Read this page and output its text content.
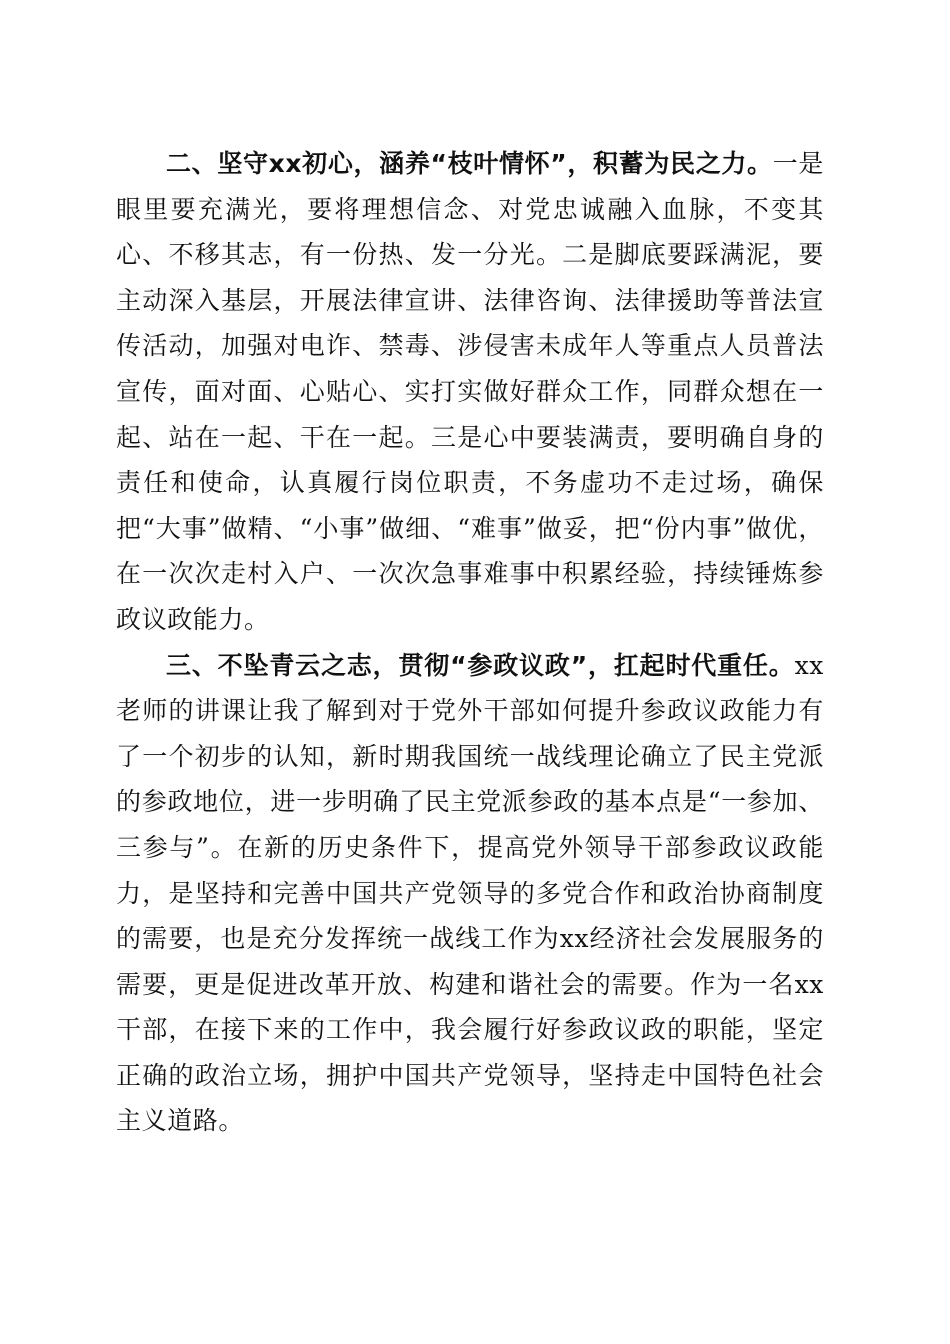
二、坚守xx初心，涵养“枝叶情怀”，积蓄为民之力。一是眼里要充满光，要将理想信念、对党忠诚融入血脉，不变其心、不移其志，有一份热、发一分光。二是脚底要踩满泥，要主动深入基层，开展法律宣讲、法律咨询、法律援助等普法宣传活动，加强对电诈、禁毒、涉侵害未成年人等重点人员普法宣传，面对面、心贴心、实打实做好群众工作，同群众想在一起、站在一起、干在一起。三是心中要装满责，要明确自身的责任和使命，认真履行岗位职责，不务虚功不走过场，确保把“大事”做精、“小事”做细、“难事”做妥，把“份内事”做优，在一次次走村入户、一次次急事难事中积累经验，持续锤炼参政议政能力。

三、不坠青云之志，贯彻“参政议政”，扛起时代重任。xx老师的讲课让我了解到对于党外干部如何提升参政议政能力有了一个初步的认知，新时期我国统一战线理论确立了民主党派的参政地位，进一步明确了民主党派参政的基本点是“一参加、三参与”。在新的历史条件下，提高党外领导干部参政议政能力，是坚持和完善中国共产党领导的多党合作和政治协商制度的需要，也是充分发挥统一战线工作为xx经济社会发展服务的需要，更是促进改革开放、构建和谐社会的需要。作为一名xx干部，在接下来的工作中，我会履行好参政议政的职能，坚定正确的政治立场，拥护中国共产党领导，坚持走中国特色社会主义道路。
